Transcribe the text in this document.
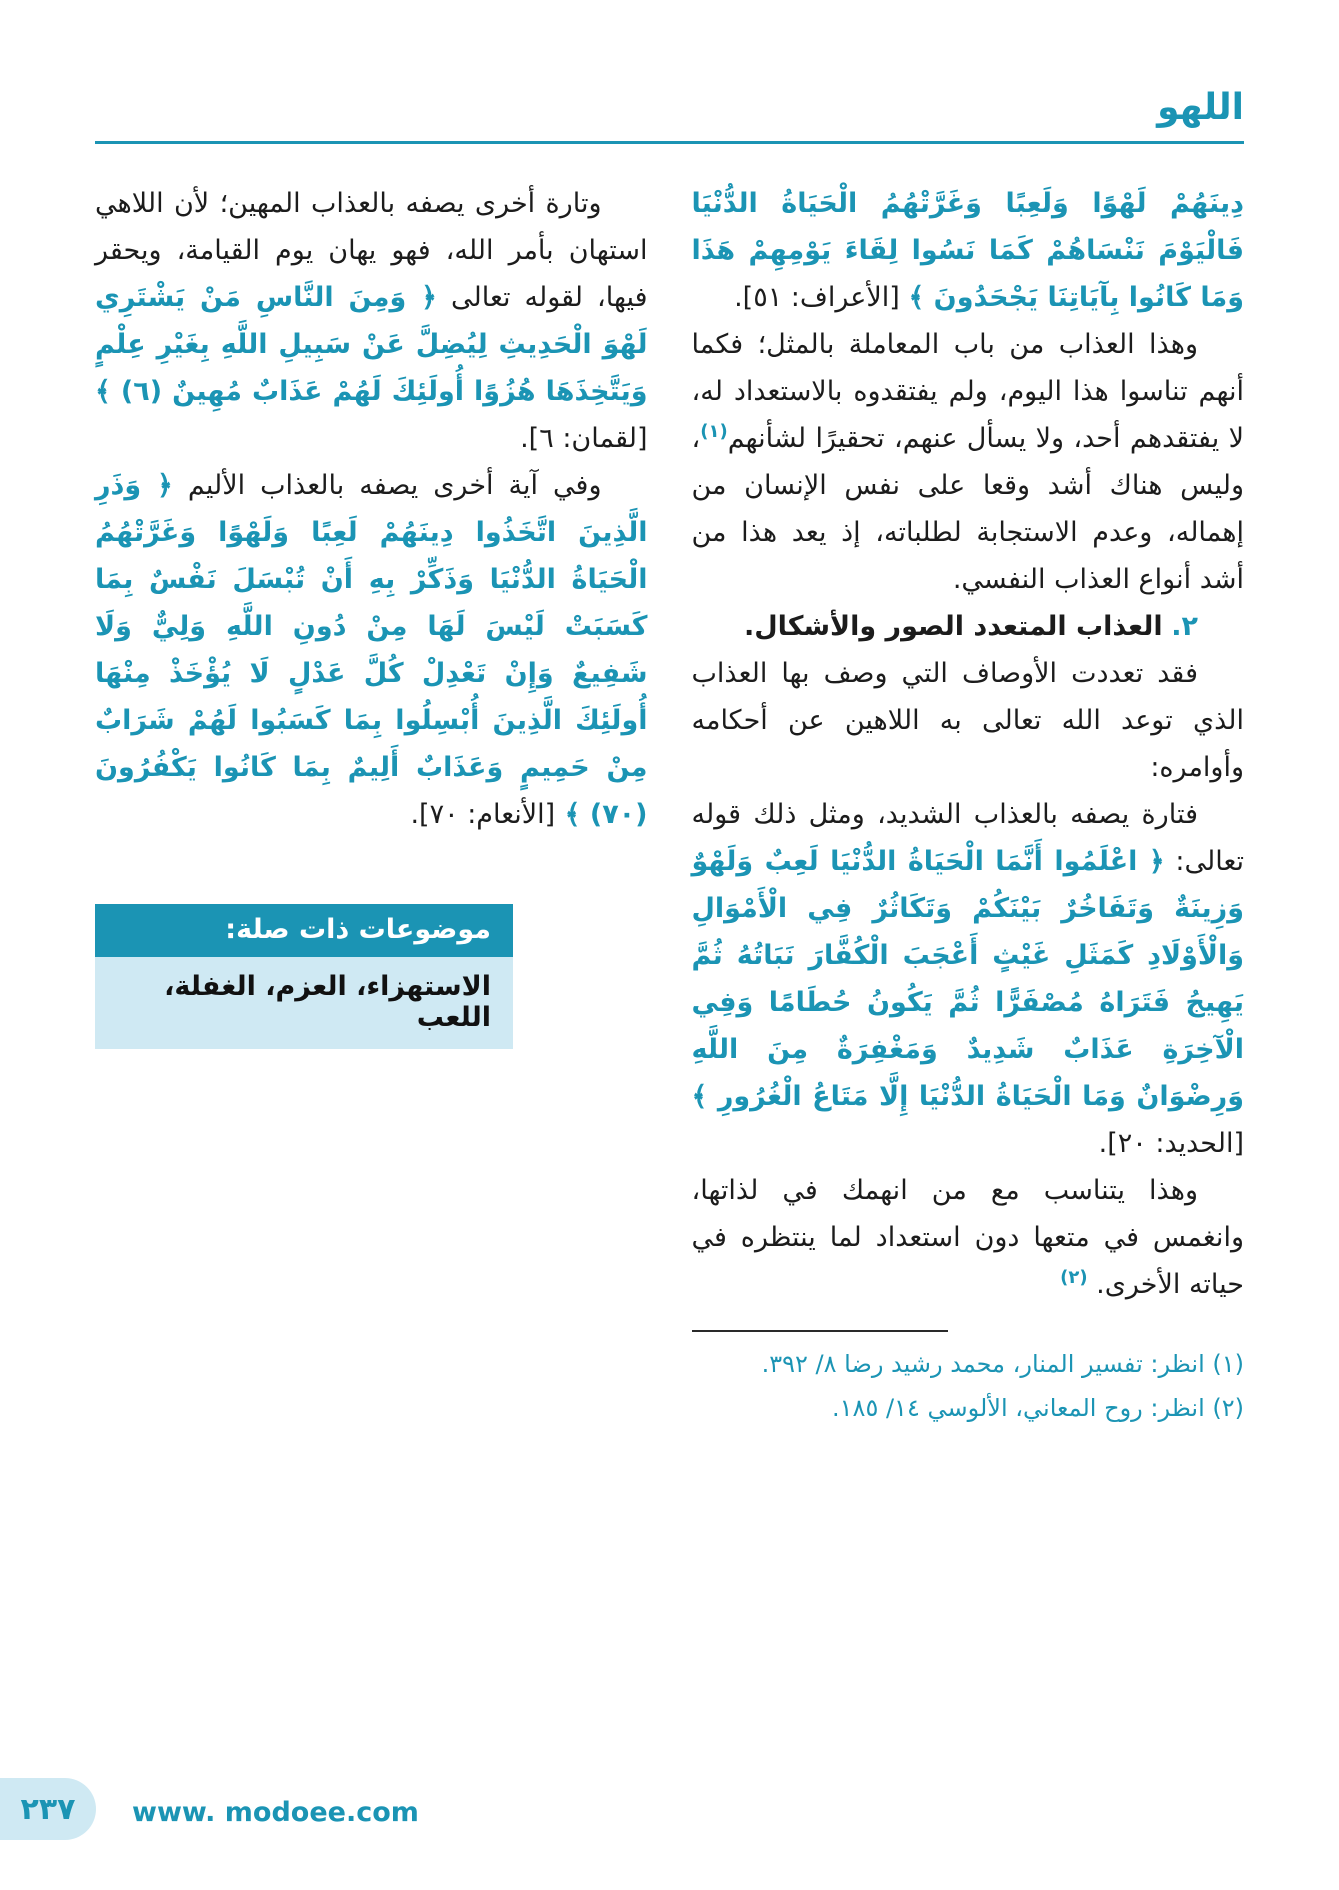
اللهو

دِينَهُمْ لَهْوًا وَلَعِبًا وَغَرَّتْهُمُ الْحَيَاةُ الدُّنْيَا فَالْيَوْمَ نَنْسَاهُمْ كَمَا نَسُوا لِقَاءَ يَوْمِهِمْ هَذَا وَمَا كَانُوا بِآيَاتِنَا يَجْحَدُونَ ﴾ [الأعراف: ٥١].

وهذا العذاب من باب المعاملة بالمثل؛ فكما أنهم تناسوا هذا اليوم، ولم يفتقدوه بالاستعداد له، لا يفتقدهم أحد، ولا يسأل عنهم، تحقيرًا لشأنهم$^{(١)}$، وليس هناك أشد وقعا على نفس الإنسان من إهماله، وعدم الاستجابة لطلباته، إذ يعد هذا من أشد أنواع العذاب النفسي.

٢. العذاب المتعدد الصور والأشكال.

فقد تعددت الأوصاف التي وصف بها العذاب الذي توعد الله تعالى به اللاهين عن أحكامه وأوامره:

فتارة يصفه بالعذاب الشديد، ومثل ذلك قوله تعالى: ﴿ اعْلَمُوا أَنَّمَا الْحَيَاةُ الدُّنْيَا لَعِبٌ وَلَهْوٌ وَزِينَةٌ وَتَفَاخُرٌ بَيْنَكُمْ وَتَكَاثُرٌ فِي الْأَمْوَالِ وَالْأَوْلَادِ كَمَثَلِ غَيْثٍ أَعْجَبَ الْكُفَّارَ نَبَاتُهُ ثُمَّ يَهِيجُ فَتَرَاهُ مُصْفَرًّا ثُمَّ يَكُونُ حُطَامًا وَفِي الْآخِرَةِ عَذَابٌ شَدِيدٌ وَمَغْفِرَةٌ مِنَ اللَّهِ وَرِضْوَانٌ وَمَا الْحَيَاةُ الدُّنْيَا إِلَّا مَتَاعُ الْغُرُورِ ﴾ [الحديد: ٢٠].

وهذا يتناسب مع من انهمك في لذاتها، وانغمس في متعها دون استعداد لما ينتظره في حياته الأخرى. $^{(٢)}$

(١) انظر: تفسير المنار، محمد رشيد رضا ٨/ ٣٩٢.

(٢) انظر: روح المعاني، الألوسي ١٤/ ١٨٥.

وتارة أخرى يصفه بالعذاب المهين؛ لأن اللاهي استهان بأمر الله، فهو يهان يوم القيامة، ويحقر فيها، لقوله تعالى ﴿ وَمِنَ النَّاسِ مَنْ يَشْتَرِي لَهْوَ الْحَدِيثِ لِيُضِلَّ عَنْ سَبِيلِ اللَّهِ بِغَيْرِ عِلْمٍ وَيَتَّخِذَهَا هُزُوًا أُولَئِكَ لَهُمْ عَذَابٌ مُهِينٌ (٦) ﴾ [لقمان: ٦].

وفي آية أخرى يصفه بالعذاب الأليم ﴿ وَذَرِ الَّذِينَ اتَّخَذُوا دِينَهُمْ لَعِبًا وَلَهْوًا وَغَرَّتْهُمُ الْحَيَاةُ الدُّنْيَا وَذَكِّرْ بِهِ أَنْ تُبْسَلَ نَفْسٌ بِمَا كَسَبَتْ لَيْسَ لَهَا مِنْ دُونِ اللَّهِ وَلِيٌّ وَلَا شَفِيعٌ وَإِنْ تَعْدِلْ كُلَّ عَدْلٍ لَا يُؤْخَذْ مِنْهَا أُولَئِكَ الَّذِينَ أُبْسِلُوا بِمَا كَسَبُوا لَهُمْ شَرَابٌ مِنْ حَمِيمٍ وَعَذَابٌ أَلِيمٌ بِمَا كَانُوا يَكْفُرُونَ (٧٠) ﴾ [الأنعام: ٧٠].

موضوعات ذات صلة:
الاستهزاء، العزم، الغفلة، اللعب
٢٣٧ www. modoee.com
